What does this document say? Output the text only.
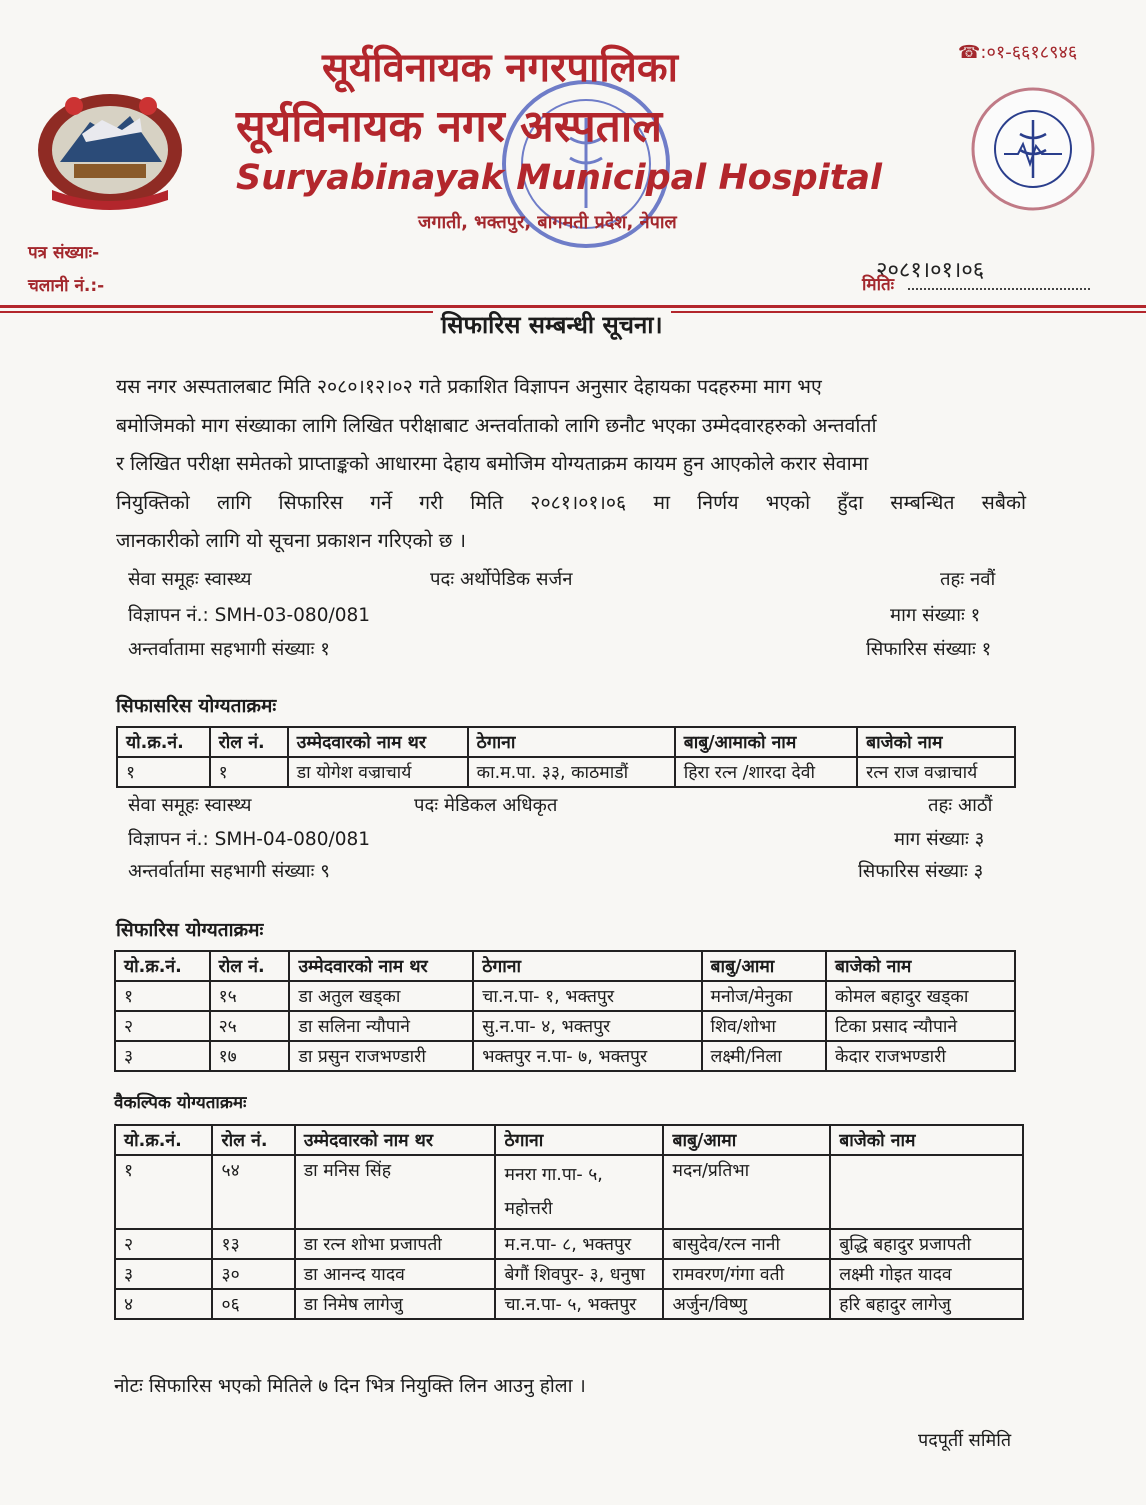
सूर्यविनायक नगरपालिका
सूर्यविनायक नगर अस्पताल
Suryabinayak Municipal Hospital
जगाती, भक्तपुर, बागमती प्रदेश, नेपाल
☎:०१-६६१८९४६
पत्र संख्याः-
चलानी नं.:-
२०८१।०१।०६
मितिः
सिफारिस सम्बन्धी सूचना।
यस नगर अस्पतालबाट मिति २०८०।१२।०२ गते प्रकाशित विज्ञापन अनुसार देहायका पदहरुमा माग भए
बमोजिमको माग संख्याका लागि लिखित परीक्षाबाट अन्तर्वाताको लागि छनौट भएका उम्मेदवारहरुको अन्तर्वार्ता
र लिखित परीक्षा समेतको प्राप्ताङ्कको आधारमा देहाय बमोजिम योग्यताक्रम कायम हुन आएकोले करार सेवामा
नियुक्तिको लागि सिफारिस गर्ने गरी मिति २०८१।०१।०६ मा निर्णय भएको हुँदा सम्बन्धित सबैको
जानकारीको लागि यो सूचना प्रकाशन गरिएको छ ।
सेवा समूहः स्वास्थ्य	पदः अर्थोपेडिक सर्जन	तहः नवौं
विज्ञापन नं.: SMH-03-080/081	माग संख्याः १
अन्तर्वातामा सहभागी संख्याः १	सिफारिस संख्याः १
सिफासरिस योग्यताक्रमः
यो.क्र.नं.	रोल नं.	उम्मेदवारको नाम थर	ठेगाना	बाबु/आमाको नाम	बाजेको नाम
१	१	डा योगेश वज्राचार्य	का.म.पा. ३३, काठमाडौं	हिरा रत्न /शारदा देवी	रत्न राज वज्राचार्य
सेवा समूहः स्वास्थ्य	पदः मेडिकल अधिकृत	तहः आठौं
विज्ञापन नं.: SMH-04-080/081	माग संख्याः ३
अन्तर्वार्तामा सहभागी संख्याः ९	सिफारिस संख्याः ३
सिफारिस योग्यताक्रमः
यो.क्र.नं.	रोल नं.	उम्मेदवारको नाम थर	ठेगाना	बाबु/आमा	बाजेको नाम
१	१५	डा अतुल खड्का	चा.न.पा- १, भक्तपुर	मनोज/मेनुका	कोमल बहादुर खड्का
२	२५	डा सलिना न्यौपाने	सु.न.पा- ४, भक्तपुर	शिव/शोभा	टिका प्रसाद न्यौपाने
३	१७	डा प्रसुन राजभण्डारी	भक्तपुर न.पा- ७, भक्तपुर	लक्ष्मी/निला	केदार राजभण्डारी
वैकल्पिक योग्यताक्रमः
यो.क्र.नं.	रोल नं.	उम्मेदवारको नाम थर	ठेगाना	बाबु/आमा	बाजेको नाम
१	५४	डा मनिस सिंह	मनरा गा.पा- ५, महोत्तरी	मदन/प्रतिभा	
२	१३	डा रत्न शोभा प्रजापती	म.न.पा- ८, भक्तपुर	बासुदेव/रत्न नानी	बुद्धि बहादुर प्रजापती
३	३०	डा आनन्द यादव	बेगौं शिवपुर- ३, धनुषा	रामवरण/गंगा वती	लक्ष्मी गोइत यादव
४	०६	डा निमेष लागेजु	चा.न.पा- ५, भक्तपुर	अर्जुन/विष्णु	हरि बहादुर लागेजु
नोटः सिफारिस भएको मितिले ७ दिन भित्र नियुक्ति लिन आउनु होला ।
पदपूर्ती समिति
